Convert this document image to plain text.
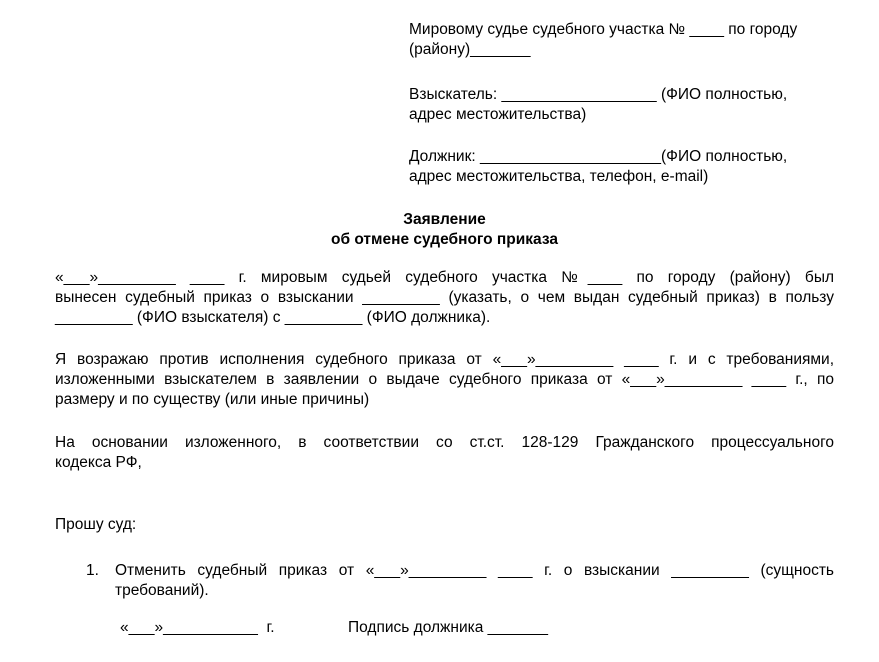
Мировому судье судебного участка № ____ по городу

(району)_______

Взыскатель: __________________ (ФИО полностью,

адрес местожительства)

Должник: _____________________(ФИО полностью,

адрес местожительства, телефон, e-mail)

Заявление

об отмене судебного приказа

«___»_________ ____ г. мировым судьей судебного участка №____ по городу (району) был

вынесен судебный приказ о взыскании _________ (указать, о чем выдан судебный приказ) в пользу

_________ (ФИО взыскателя) с _________ (ФИО должника).

Я возражаю против исполнения судебного приказа от «___»_________ ____ г. и с требованиями,

изложенными взыскателем в заявлении о выдаче судебного приказа от «___»_________ ____ г., по

размеру и по существу (или иные причины)

На основании изложенного, в соответствии со ст.ст. 128-129 Гражданского процессуального

кодекса РФ,

Прошу суд:

1. Отменить судебный приказ от «___»_________ ____ г. о взыскании _________ (сущность

требований).

«___»___________  г.	Подпись должника _______
